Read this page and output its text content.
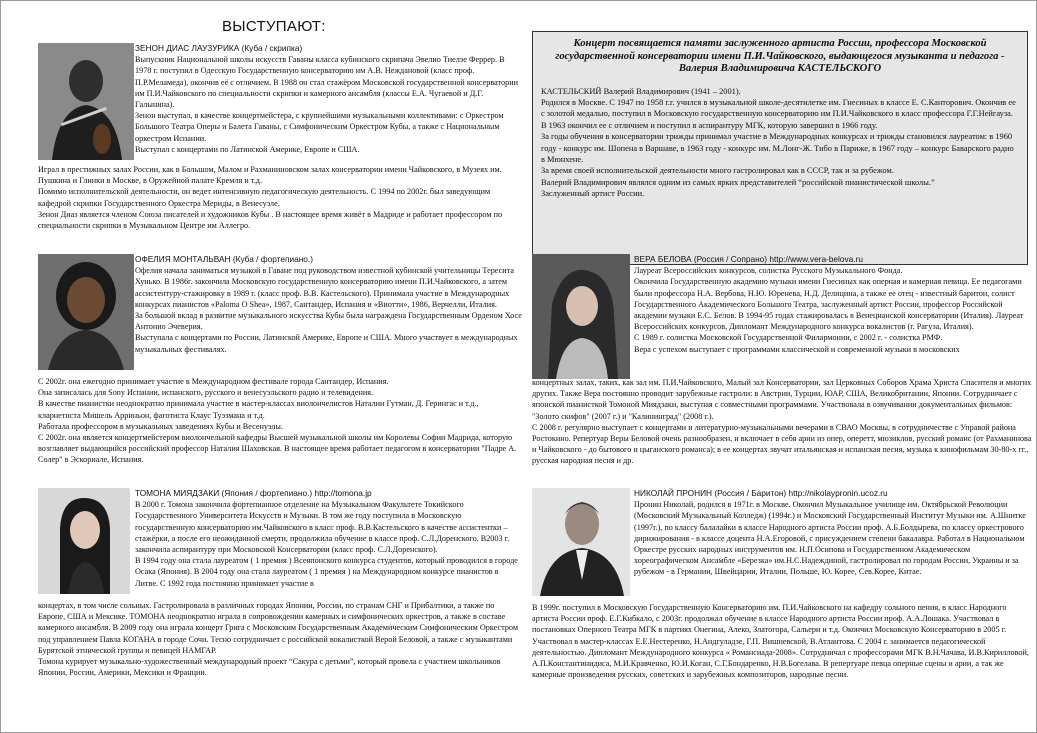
ВЫСТУПАЮТ:
ЗЕНОН ДИАС ЛАУЗУРИКА (Куба / скрипка)

Выпускник Национальной школы искусств Гаваны класса кубинского скрипача Эвелио Тиелэе Феррер. В 1978 г. поступил в Одесскую Государственную консерваторию им А.В. Неждановой (класс проф. П.Р.Меламеда), окончив её с отличием. В 1988 он стал стажёром Московской государственной консерватории им П.И.Чайковского по специальности скрипки и камерного ансамбля (классы Е.А. Чугаевой и Д.Г. Галынина).

Зенон выступал, в качестве концертмейстера, с крупнейшими музыкальными коллективами: с Оркестром Большого Театра Оперы и Балета Гаваны, с Симфоническим Оркестром Кубы, а также с Национальным оркестром Испании.

Выступал с концертами по Латинской Америке, Европе и США.

Играл в престижных залах России, как в Большом, Малом и Рахманиновском залах консерватории имени Чайковского, в Музеях им. Пушкина и Глинки в Москве, в Оружейной палате Кремля и т.д.

Помимо исполнительской деятельности, он ведет интенсивную педагогическую деятельность. С 1994 по 2002г. был заведующим кафедрой скрипки Государственного Оркестра Мериды, в Венесуэле.

Зенон Диаз является членом Союза писателей и художников Кубы . В настоящее время живёт в Мадриде и работает профессором по специальности скрипки в Музыкальном Центре им Аллегро.

ОФЕЛИЯ МОНТАЛЬВАН (Куба / фортепиано.)

Офелия начала заниматься музыкой в Гаване под руководством известной кубинской учительницы Тересита Хунько. В 1986г. закончила Московскую государственную консерваторию имени П.И.Чайковского, а затем ассистентуру-стажировку в 1989 г. (класс проф. В.В. Кастельского). Принимала участие в Международных конкурсах пианистов «Paloma O Shea», 1987, Сантандер, Испания и «Виотти», 1986, Верчелли, Италия.

За большой вклад в развитие музыкального искусства Кубы была награждена Государственным Орденом Хосе Антонио Эчеверия.

Выступала с концертами по России, Латинской Америке, Европе и США. Много участвует в международных музыкальных фестивалях.

С 2002г. она ежегодно принимает участие в Международном фестивале города Сантандер, Испания.

Она записалась для Sony Испании, испанского, русского и венесуэльского радио и телевидения.

В качестве пианистки неоднократно принимала участие в мастер-классах виолончелистов Наталии Гутман, Д. Герингас и т.д., кларнетиста Мишель Арриньон, фаготиста Клаус Туэзмана и т.д.

Работала профессором в музыкальных заведениях Кубы и Весенуэлы.

С 2002г. она является концертмейстером виолончельной кафедры Высшей музыкальной школы им Королевы Софии Мадрида, которую возглавляет выдающийся российский профессор Наталия Шаховская. В настоящее время работает педагогом в консерватории "Падре А. Солер" в Эскориале, Испания.

ТОМОНА МИЯДЗАКИ (Япония / фортепиано.) http://tomona.jp

В 2000 г. Томона закончила фортепианное отделение на Музыкальном Факультете Токийского Государственного Университета Искусств и Музыки. В том же году поступила в Московскую государственную консерваторию им.Чайковского в класс проф. В.В.Кастельского в качестве ассистентки – стажёрки, а после его неожиданной смерти, продолжила обучение в классе проф. С.Л.Доренского. В2003 г. закончила аспирантуру при Московской Консерватории (класс проф. С.Л.Доренского).

В 1994 году она стала лауреатом ( 1 премия ) Всеяпонского конкурса студентов, который проводился в городе Осака (Япония). В 2004 году она стала лауреатом ( 1 премия ) на Международном конкурсе пианистов в Литве. С 1992 года постоянно принимает участие в

концертах, в том числе сольных. Гастролировала в различных городах Японии, России, по странам СНГ и Прибалтики, а также по Европе, США и Мексике. ТОМОНА неоднократно играла в сопровождении камерных и симфонических оркестров, а также в составе камерного ансамбля. В 2009 году она играла концерт Грига с Московским Государственным Академическим Симфоническим Оркестром под управлением Павла КОГАНА в городе Сочи. Тесно сотрудничает с российской вокалисткой Верой Беловой, а также с музыкантами Бурятской этнической группы и певицей НАМГАР.

Томона курирует музыкально-художественный международный проект “Сакура с детьми”, который провела с участием школьников Японии, России, Америки, Мексики и Франции.

Концерт посвящается памяти заслуженного артиста России, профессора Московской государственной консерватории имени П.И.Чайковского, выдающегося музыканта и педагога - Валерия Владимировича КАСТЕЛЬСКОГО

КАСТЕЛЬСКИЙ Валерий Владимирович (1941 – 2001).

Родился в Москве. С 1947 по 1958 г.г. учился в музыкальной школе-десятилетке им. Гнесиных в классе Е. С.Канторович. Окончив ее с золотой медалью, поступил в Московскую государственную консерваторию им П.И.Чайковского в класс профессора Г.Г.Нейгауза. В 1963 окончил ее с отличием и поступил в аспирантуру МГК, которую завершил в 1966 году.

За годы обучения в консерватории трижды принимал участие в Международных конкурсах и трижды становился лауреатом: в 1960 году - конкурс им. Шопена в Варшаве, в 1963 году - конкурс им. М.Лонг-Ж. Тибо в Париже, в 1967 году – конкурс Баварского радио в Мюнхене.

За время своей исполнительской деятельности много гастролировал как в СССР, так и за рубежом.

Валерий Владимирович являлся одним из самых ярких представителей “российской пианистической школы.”

Заслуженный артист России.

ВЕРА БЕЛОВА (Россия / Сопрано) http://www.vera-belova.ru

Лауреат Всероссийских конкурсов, солистка Русского Музыкального Фонда.

Окончила Государственную академию музыки имени Гнесиных как оперная и камерная певица. Ее педагогами были профессора Н.А. Вербова, Н.Ю. Юренева, Н.Д. Делицина, а также ее отец - известный баритон, солист Государственного Академического Большого Театра, заслуженный артист России, профессор Российской академии музыки Е.С. Белов. В 1994-95 годах стажировалась в Венецианской консерватории (Италия). Лауреат Всероссийских конкурсов, Дипломант Международного конкурса вокалистов (г. Рагуза, Италия).

С 1989 г. солистка Московской Государственной Филармонии, с 2002 г. - солистка РМФ.

Вера с успехом выступает с программами классической и современной музыки в московских

концертных залах, таких, как зал им. П.И.Чайковского, Малый зал Консерватории, зал Церковных Соборов Храма Христа Спасителя и многих других. Также Вера постоянно проводит зарубежные гастроли: в Австрии, Турции, ЮАР, США, Великобритании, Японии. Сотрудничает с японской пианисткой Томоной Миядзаки, выступая с совместными программами. Участвовала в озвучивании документальных фильмов: "Золото скифов" (2007 г.) и "Калининград" (2008 г.).

С 2008 г. регулярно выступает с концертами и литературно-музыкальными вечерами в СВАО Москвы, в сотрудничестве с Управой района Ростокино. Репертуар Веры Беловой очень разнообразен, и включает в себя арии из опер, оперетт, мюзиклов, русский романс (от Рахманинова и Чайковского - до бытового и цыганского романса); в ее концертах звучат итальянская и испанская песня, музыка к кинофильмам 30-80-х гг., русская народная песня и др.

НИКОЛАЙ ПРОНИН (Россия / Баритон) http://nikolaypronin.ucoz.ru

Пронин Николай, родился в 1971г. в Москве. Окончил Музыкальное училище им. Октябрьской Революции (Московский Музыкальный Колледж) (1994г.) и Московский Государственный Институт Музыки им. А.Шнитке (1997г.), по классу балалайки в классе Народного артиста России проф. А.Б.Болдырева, по классу оркестрового дирижирования - в классе доцента Н.А.Егоровой, с присуждением степени бакалавра. Работал в Национальном Оркестре русских народных инструментов им. Н.П.Осипова и Государственном Академическом хореографическом Ансамбле «Березка» им.Н.С.Надеждиной, гастролировал по городам России, Украины и за рубежом - в Германии, Швейцарии, Италии, Польше, Ю. Корее, Сев.Корее, Китае.

В 1999г. поступил в Московскую Государственную Консерваторию им. П.И.Чайковского на кафедру сольного пения, в класс Народного артиста России проф. Е.Г.Кибкало, с 2003г. продолжал обучение в классе Народного артиста России проф. А.А.Лошака. Участвовал в постановках Оперного Театра МГК в партиях Онегина, Алеко, Златогора, Сальери и т.д. Окончил Московскую Консерваторию в 2005 г. Участвовал в мастер-классах Е.Е.Нестеренко, Н.Андгуладзе, Г.П. Вишневской, В.Атлантова. С 2004 г. занимается педагогической деятельностью. Дипломант Международного конкурса « Романсиада-2008». Сотрудничал с профессорами МГК В.Н.Чачава, И.В.Кирилловой, А.П.Константинидиса, М.И.Кравченко, Ю.И.Коган, С.Г.Бондаренко, Н.В.Богелава. В репертуаре певца оперные сцены и арии, а так же камерные произведения русских, советских и зарубежных композиторов, народные песни.
